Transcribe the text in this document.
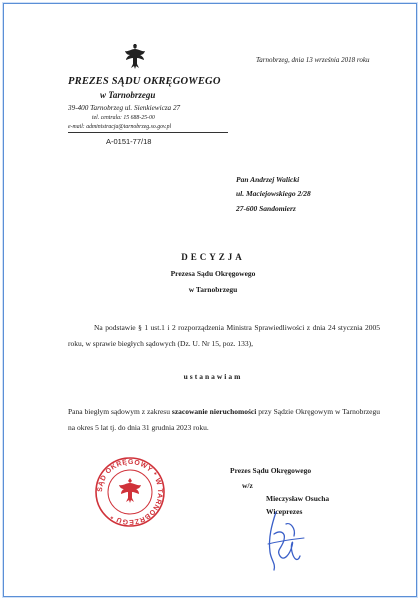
Tarnobrzeg, dnia 13 września 2018 roku
PREZES SĄDU OKRĘGOWEGO
w Tarnobrzegu
39-400 Tarnobrzeg ul. Sienkiewicza 27
tel. centrala: 15 688-25-00
e-mail: administracja@tarnobrzeg.so.gov.pl
A-0151-77/18
Pan Andrzej Walicki
ul. Maciejowskiego 2/28
27-600 Sandomierz
DECYZJA
Prezesa Sądu Okręgowego
w Tarnobrzegu
Na podstawie § 1 ust.1 i 2 rozporządzenia Ministra Sprawiedliwości z dnia 24 stycznia 2005 roku, w sprawie biegłych sądowych (Dz. U. Nr 15, poz. 133),
ustanawiam
Pana biegłym sądowym z zakresu szacowanie nieruchomości przy Sądzie Okręgowym w Tarnobrzegu na okres 5 lat tj. do dnia 31 grudnia 2023 roku.
SĄD OKRĘGOWY * W TARNOBRZEGU *
Prezes Sądu Okręgowego
w/z
Mieczysław Osucha
Wiceprezes
